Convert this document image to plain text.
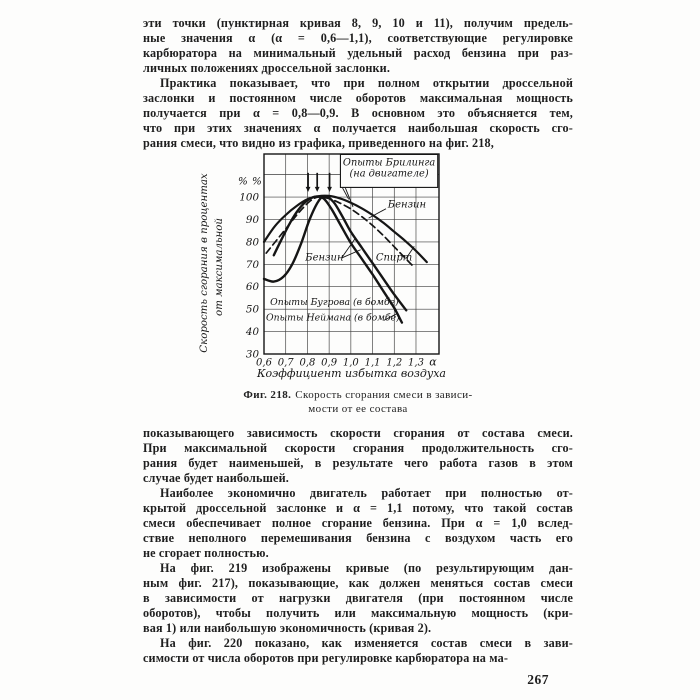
эти точки (пунктирная кривая 8, 9, 10 и 11), получим предель-
ные значения α (α = 0,6—1,1), соответствующие регулировке
карбюратора на минимальный удельный расход бензина при раз-
личных положениях дроссельной заслонки.
Практика показывает, что при полном открытии дроссельной
заслонки и постоянном числе оборотов максимальная мощность
получается при α = 0,8—0,9. В основном это объясняется тем,
что при этих значениях α получается наибольшая скорость сго-
рания смеси, что видно из графика, приведенного на фиг. 218,
Опыты Брилинга
(на двигателе)
Бензин
Бензин	Спирт
Опыты Бугрова (в бомбе)
Опыты Неймана (в бомбе)
30
40
50
60
70
80
90
100
% %
0,6 0,7 0,8 0,9 1,0 1,1 1,2 1,3 α
Коэффициент избытка воздуха
Скорость сгорания в процентах от максимальной
Фиг. 218. Скорость сгорания смеси в зависи-
мости от ее состава
показывающего зависимость скорости сгорания от состава смеси.
При максимальной скорости сгорания продолжительность сго-
рания будет наименьшей, в результате чего работа газов в этом
случае будет наибольшей.
Наиболее экономично двигатель работает при полностью от-
крытой дроссельной заслонке и α = 1,1 потому, что такой состав
смеси обеспечивает полное сгорание бензина. При α = 1,0 вслед-
ствие неполного перемешивания бензина с воздухом часть его
не сгорает полностью.
На фиг. 219 изображены кривые (по результирующим дан-
ным фиг. 217), показывающие, как должен меняться состав смеси
в зависимости от нагрузки двигателя (при постоянном числе
оборотов), чтобы получить или максимальную мощность (кри-
вая 1) или наибольшую экономичность (кривая 2).
На фиг. 220 показано, как изменяется состав смеси в зави-
симости от числа оборотов при регулировке карбюратора на ма-
267
